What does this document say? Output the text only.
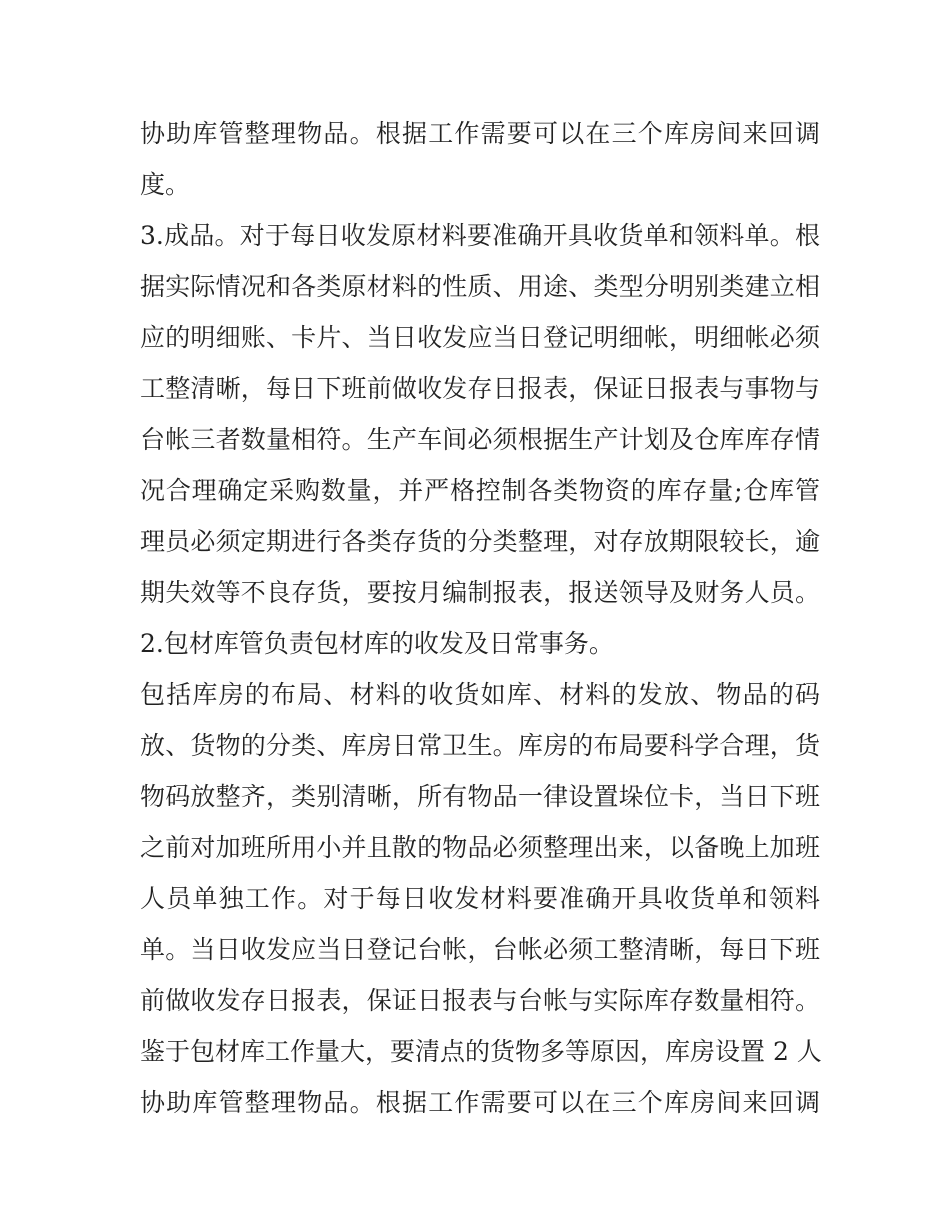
协助库管整理物品。根据工作需要可以在三个库房间来回调
度。
3.成品。对于每日收发原材料要准确开具收货单和领料单。根
据实际情况和各类原材料的性质、用途、类型分明别类建立相
应的明细账、卡片、当日收发应当日登记明细帐，明细帐必须
工整清晰，每日下班前做收发存日报表，保证日报表与事物与
台帐三者数量相符。生产车间必须根据生产计划及仓库库存情
况合理确定采购数量，并严格控制各类物资的库存量;仓库管
理员必须定期进行各类存货的分类整理，对存放期限较长，逾
期失效等不良存货，要按月编制报表，报送领导及财务人员。
2.包材库管负责包材库的收发及日常事务。
包括库房的布局、材料的收货如库、材料的发放、物品的码
放、货物的分类、库房日常卫生。库房的布局要科学合理，货
物码放整齐，类别清晰，所有物品一律设置垛位卡，当日下班
之前对加班所用小并且散的物品必须整理出来，以备晚上加班
人员单独工作。对于每日收发材料要准确开具收货单和领料
单。当日收发应当日登记台帐，台帐必须工整清晰，每日下班
前做收发存日报表，保证日报表与台帐与实际库存数量相符。
鉴于包材库工作量大，要清点的货物多等原因，库房设置 2 人
协助库管整理物品。根据工作需要可以在三个库房间来回调
